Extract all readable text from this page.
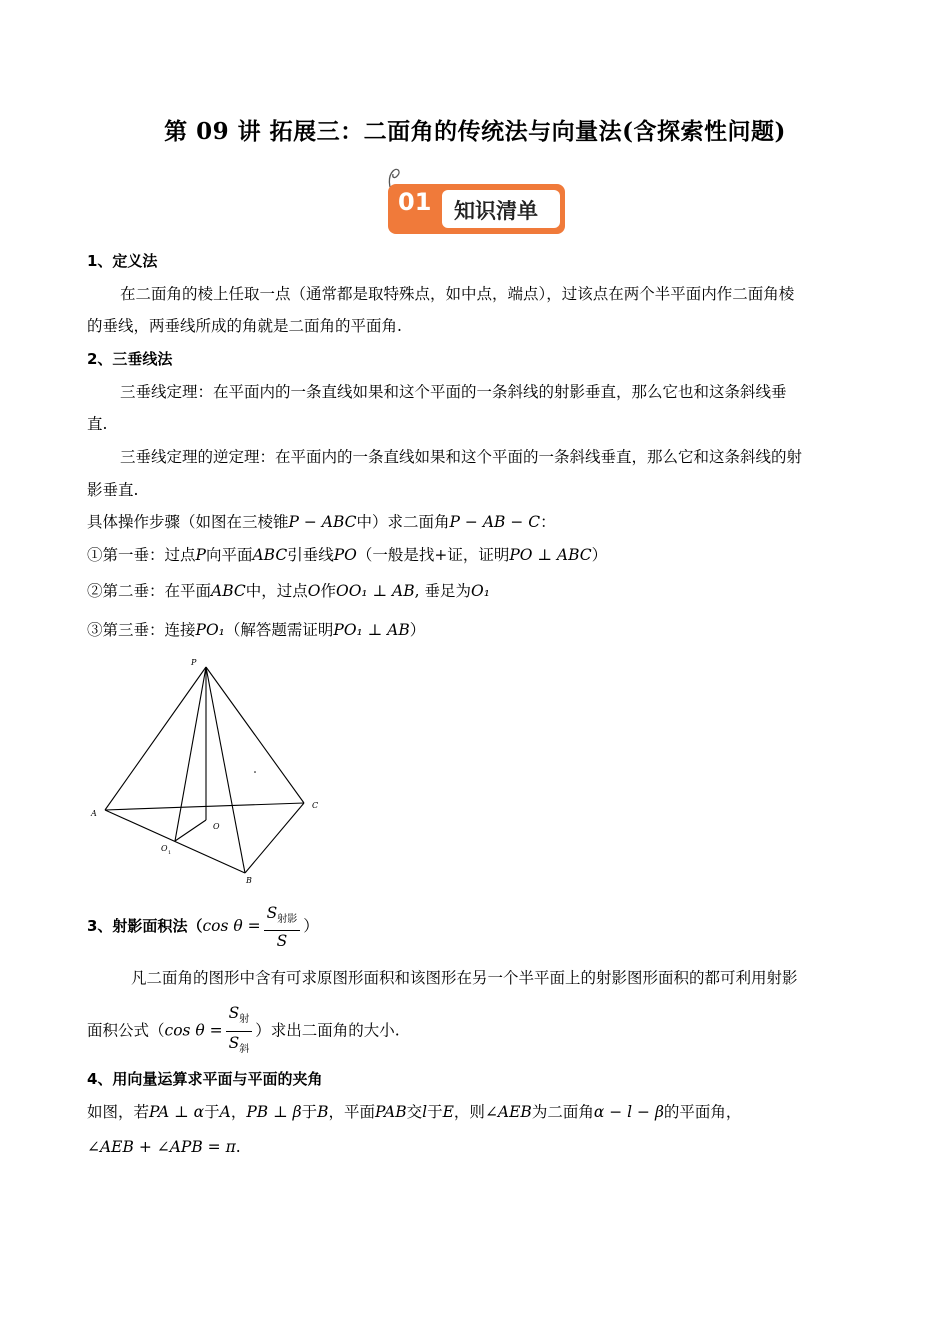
第 09 讲 拓展三：二面角的传统法与向量法(含探索性问题)
01 知识清单
1、定义法
在二面角的棱上任取一点（通常都是取特殊点，如中点，端点），过该点在两个半平面内作二面角棱
的垂线，两垂线所成的角就是二面角的平面角.
2、三垂线法
三垂线定理：在平面内的一条直线如果和这个平面的一条斜线的射影垂直，那么它也和这条斜线垂
直.
三垂线定理的逆定理：在平面内的一条直线如果和这个平面的一条斜线垂直，那么它和这条斜线的射
影垂直.
具体操作步骤（如图在三棱锥P − ABC中）求二面角P − AB − C：
①第一垂：过点P向平面ABC引垂线PO（一般是找+证，证明PO ⊥ ABC）
②第二垂：在平面ABC中，过点O作OO₁ ⊥ AB, 垂足为O₁
③第三垂：连接PO₁（解答题需证明PO₁ ⊥ AB）
P
A
C
B
O
O 1
3、射影面积法（cos $\theta = \frac{S_{射影}}{S}$ ）
凡二面角的图形中含有可求原图形面积和该图形在另一个半平面上的射影图形面积的都可利用射影
面积公式（cos $\theta = \frac{S_射}{S_斜}$ ）求出二面角的大小.
4、用向量运算求平面与平面的夹角
如图，若PA ⊥ α于A，PB ⊥ β于B，平面PAB交l于E，则∠AEB为二面角α − l − β的平面角，
∠AEB + ∠APB = π.
